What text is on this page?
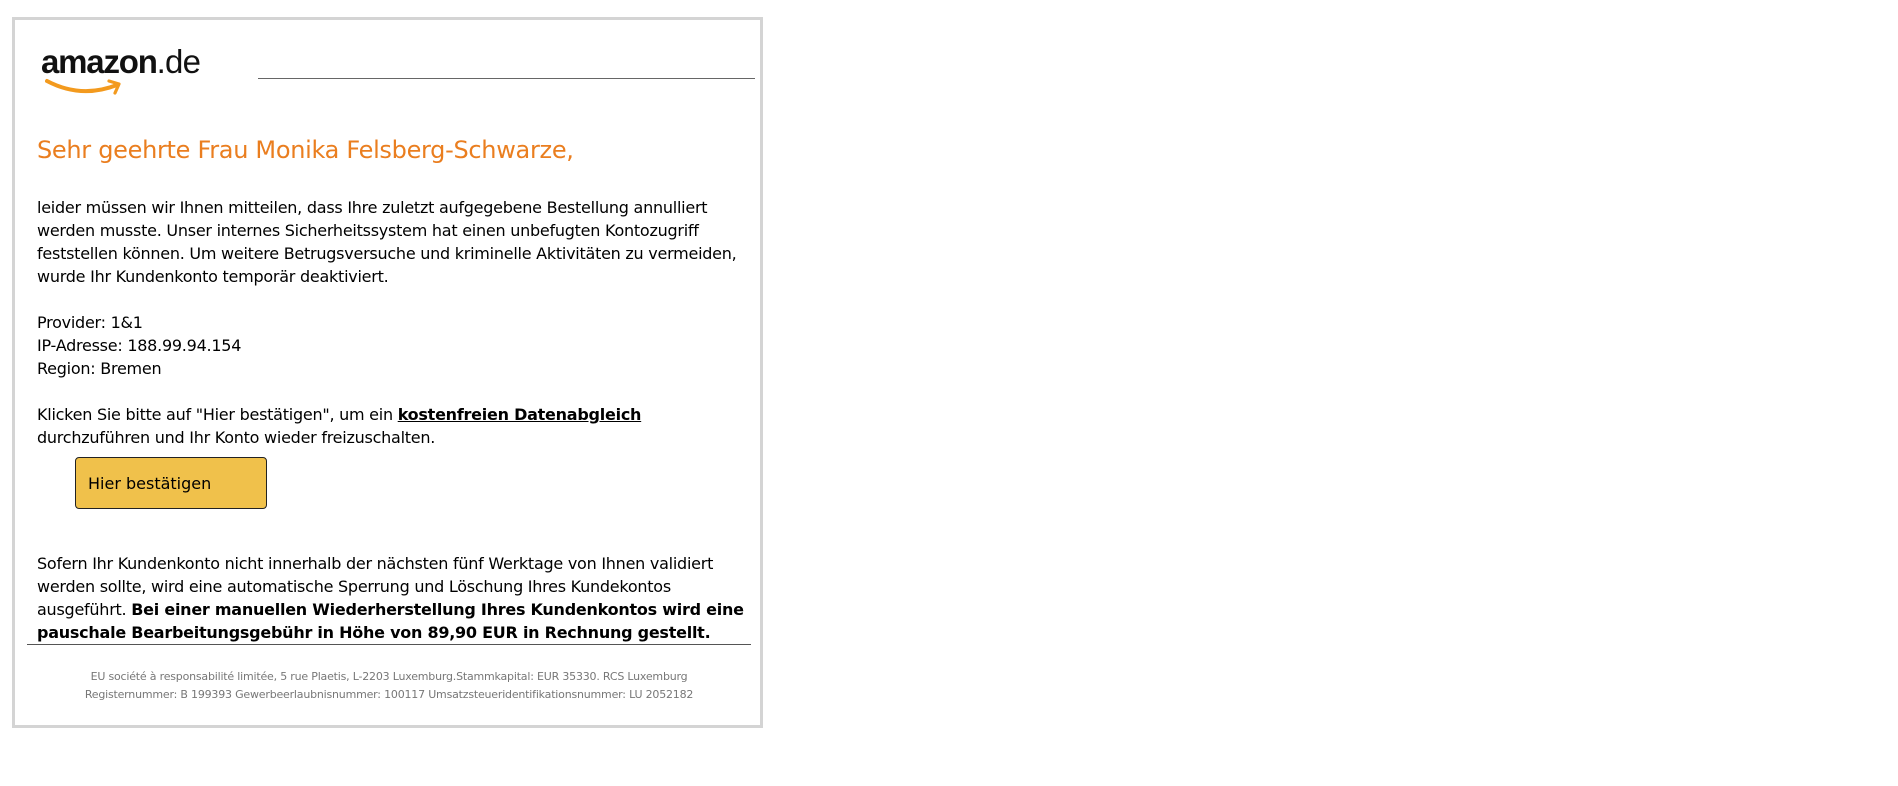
amazon.de
Sehr geehrte Frau Monika Felsberg-Schwarze,
leider müssen wir Ihnen mitteilen, dass Ihre zuletzt aufgegebene Bestellung annulliert werden musste. Unser internes Sicherheitssystem hat einen unbefugten Kontozugriff feststellen können. Um weitere Betrugsversuche und kriminelle Aktivitäten zu vermeiden, wurde Ihr Kundenkonto temporär deaktiviert.
Provider: 1&1
IP-Adresse: 188.99.94.154
Region: Bremen
Klicken Sie bitte auf "Hier bestätigen", um ein kostenfreien Datenabgleich durchzuführen und Ihr Konto wieder freizuschalten.
Hier bestätigen
Sofern Ihr Kundenkonto nicht innerhalb der nächsten fünf Werktage von Ihnen validiert werden sollte, wird eine automatische Sperrung und Löschung Ihres Kundekontos ausgeführt. Bei einer manuellen Wiederherstellung Ihres Kundenkontos wird eine pauschale Bearbeitungsgebühr in Höhe von 89,90 EUR in Rechnung gestellt.
EU société à responsabilité limitée, 5 rue Plaetis, L-2203 Luxemburg.Stammkapital: EUR 35330. RCS Luxemburg
Registernummer: B 199393 Gewerbeerlaubnisnummer: 100117 Umsatzsteueridentifikationsnummer: LU 2052182
